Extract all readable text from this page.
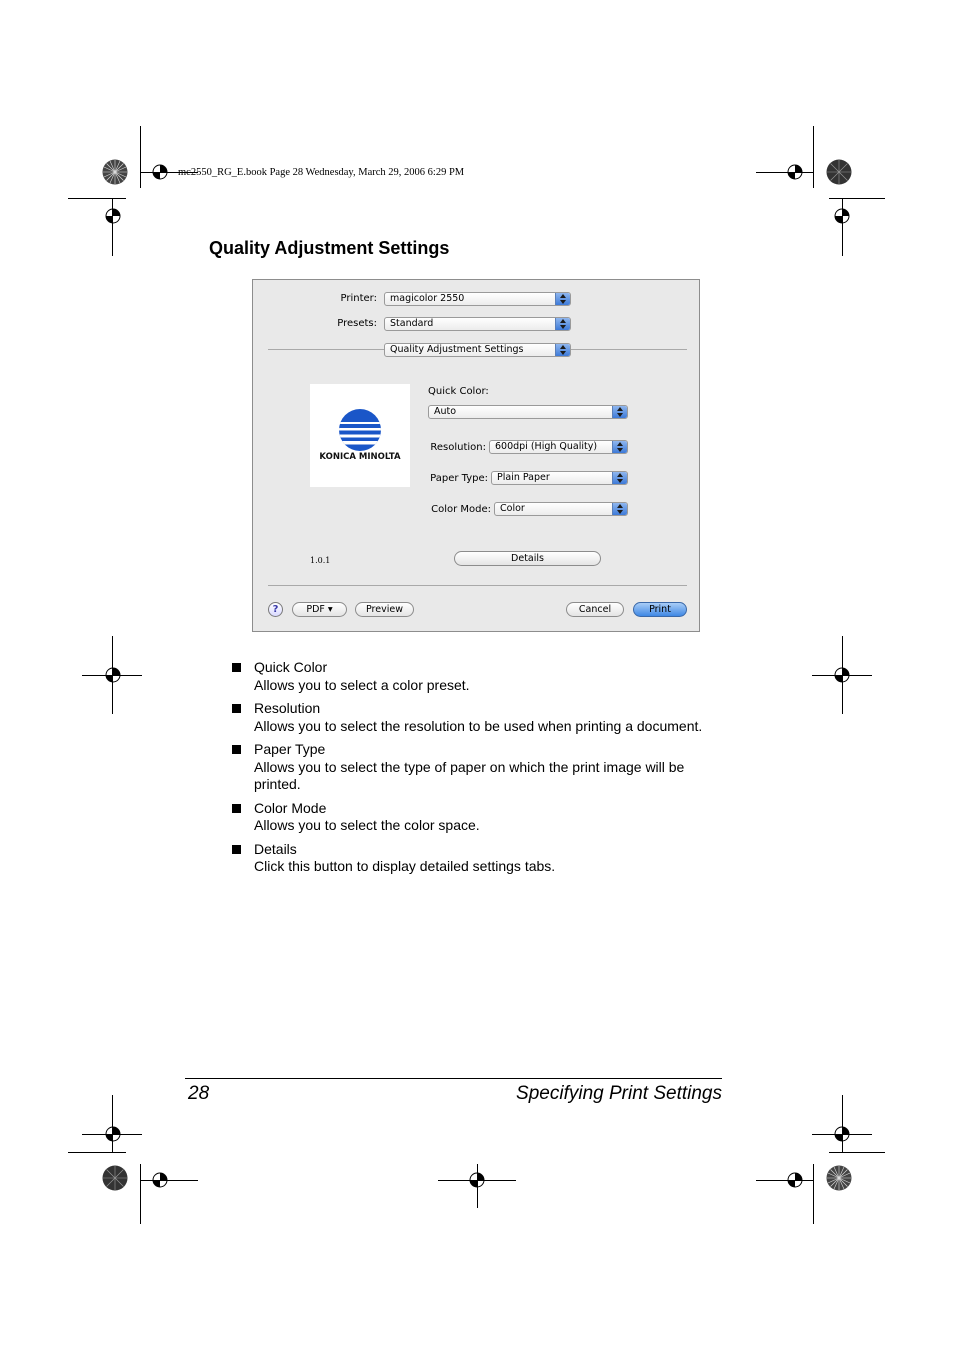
mc2550_RG_E.book Page 28 Wednesday, March 29, 2006 6:29 PM
Quality Adjustment Settings
Printer:	magicolor 2550
Presets:	Standard
Quality Adjustment Settings
KONICA MINOLTA
Quick Color:
Auto
Resolution: 600dpi (High Quality)
Paper Type: Plain Paper
Color Mode: Color
1.0.1	Details
?	PDF ▾	Preview	Cancel	Print
Quick Color
Allows you to select a color preset.
Resolution
Allows you to select the resolution to be used when printing a document.
Paper Type
Allows you to select the type of paper on which the print image will be printed.
Color Mode
Allows you to select the color space.
Details
Click this button to display detailed settings tabs.
28	Specifying Print Settings
